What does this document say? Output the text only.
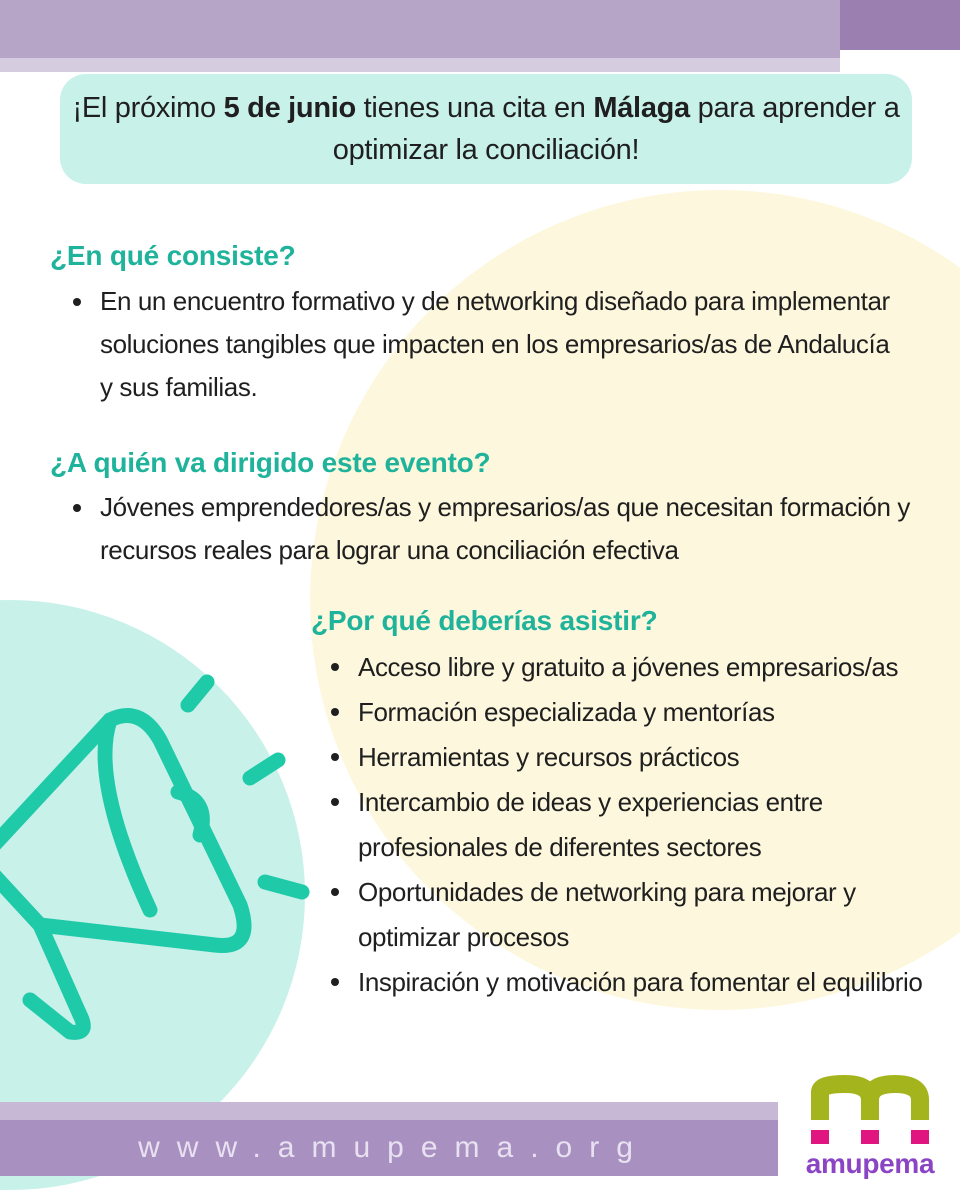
¡El próximo 5 de junio tienes una cita en Málaga para aprender a optimizar la conciliación!
¿En qué consiste?
En un encuentro formativo y de networking diseñado para implementar soluciones tangibles que impacten en los empresarios/as de Andalucía y sus familias.
¿A quién va dirigido este evento?
Jóvenes emprendedores/as y empresarios/as que necesitan formación y recursos reales para lograr una conciliación efectiva
¿Por qué deberías asistir?
Acceso libre y gratuito a jóvenes empresarios/as
Formación especializada y mentorías
Herramientas y recursos prácticos
Intercambio de ideas y experiencias entre profesionales de diferentes sectores
Oportunidades de networking para mejorar y optimizar procesos
Inspiración y motivación para fomentar el equilibrio
www.amupema.org	amupema
